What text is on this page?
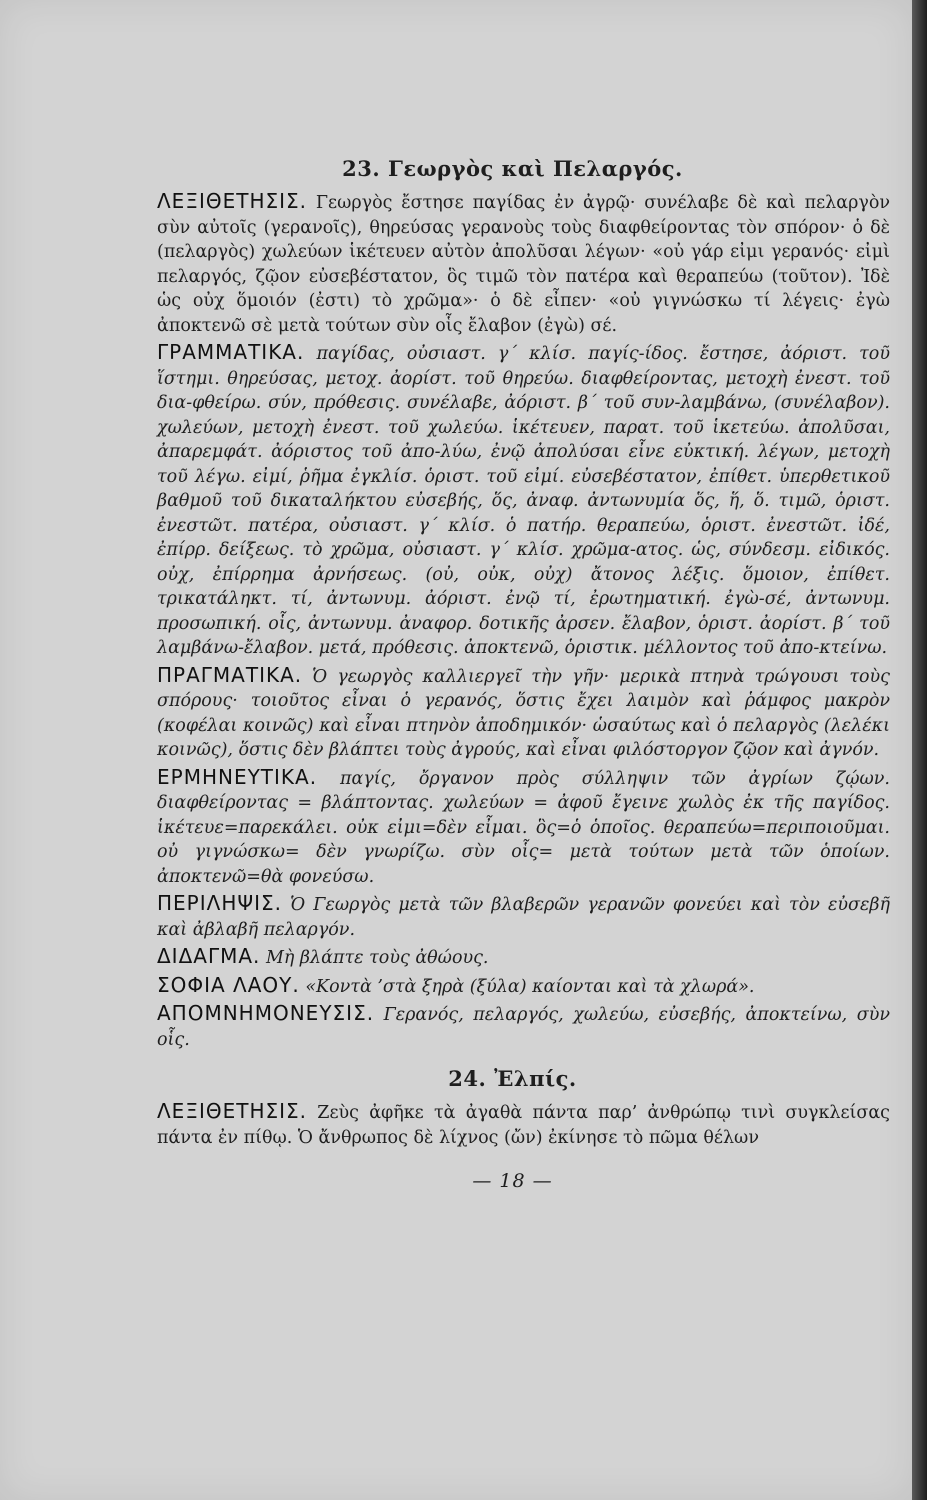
23. Γεωργὸς καὶ Πελαργός.

ΛΕΞΙΘΕΤΗΣΙΣ. Γεωργὸς ἔστησε παγίδας ἐν ἀγρῷ· συνέλαβε δὲ καὶ πελαργὸν σὺν αὐτοῖς (γερανοῖς), θηρεύσας γερανοὺς τοὺς διαφθείροντας τὸν σπόρον· ὁ δὲ (πελαργὸς) χωλεύων ἱκέτευεν αὐτὸν ἀπολῦσαι λέγων· «οὐ γάρ εἰμι γερανός· εἰμὶ πελαργός, ζῷον εὐσεβέστατον, ὃς τιμῶ τὸν πατέρα καὶ θεραπεύω (τοῦτον). Ἰδὲ ὡς οὐχ ὅμοιόν (ἐστι) τὸ χρῶμα»· ὁ δὲ εἶπεν· «οὐ γιγνώσκω τί λέγεις· ἐγὼ ἀποκτενῶ σὲ μετὰ τούτων σὺν οἷς ἔλαβον (ἐγὼ) σέ.

ΓΡΑΜΜΑΤΙΚΑ. παγίδας, οὐσιαστ. γ΄ κλίσ. παγίς-ίδος. ἔστησε, ἀόριστ. τοῦ ἵστημι. θηρεύσας, μετοχ. ἀορίστ. τοῦ θηρεύω. διαφθείροντας, μετοχὴ ἐνεστ. τοῦ δια-φθείρω. σύν, πρόθεσις. συνέλαβε, ἀόριστ. β΄ τοῦ συν-λαμβάνω, (συνέλαβον). χωλεύων, μετοχὴ ἐνεστ. τοῦ χωλεύω. ἱκέτευεν, παρατ. τοῦ ἱκετεύω. ἀπολῦσαι, ἀπαρεμφάτ. ἀόριστος τοῦ ἀπο-λύω, ἐνῷ ἀπολύσαι εἶνε εὐκτική. λέγων, μετοχὴ τοῦ λέγω. εἰμί, ῥῆμα ἐγκλίσ. ὁριστ. τοῦ εἰμί. εὐσεβέστατον, ἐπίθετ. ὑπερθετικοῦ βαθμοῦ τοῦ δικαταλήκτου εὐσεβής, ὅς, ἀναφ. ἀντωνυμία ὅς, ἥ, ὅ. τιμῶ, ὁριστ. ἐνεστῶτ. πατέρα, οὐσιαστ. γ΄ κλίσ. ὁ πατήρ. θεραπεύω, ὁριστ. ἐνεστῶτ. ἰδέ, ἐπίρρ. δείξεως. τὸ χρῶμα, οὐσιαστ. γ΄ κλίσ. χρῶμα-ατος. ὡς, σύνδεσμ. εἰδικός. οὐχ, ἐπίρρημα ἀρνήσεως. (οὐ, οὐκ, οὐχ) ἄτονος λέξις. ὅμοιον, ἐπίθετ. τρικατάληκτ. τί, ἀντωνυμ. ἀόριστ. ἐνῷ τί, ἐρωτηματική. ἐγὼ-σέ, ἀντωνυμ. προσωπική. οἷς, ἀντωνυμ. ἀναφορ. δοτικῆς ἀρσεν. ἔλαβον, ὁριστ. ἀορίστ. β΄ τοῦ λαμβάνω-ἔλαβον. μετά, πρόθεσις. ἀποκτενῶ, ὁριστικ. μέλλοντος τοῦ ἀπο-κτείνω.

ΠΡΑΓΜΑΤΙΚΑ. Ὁ γεωργὸς καλλιεργεῖ τὴν γῆν· μερικὰ πτηνὰ τρώγουσι τοὺς σπόρους· τοιοῦτος εἶναι ὁ γερανός, ὅστις ἔχει λαιμὸν καὶ ῥάμφος μακρὸν (κοφέλαι κοινῶς) καὶ εἶναι πτηνὸν ἀποδημικόν· ὡσαύτως καὶ ὁ πελαργὸς (λελέκι κοινῶς), ὅστις δὲν βλάπτει τοὺς ἀγρούς, καὶ εἶναι φιλόστοργον ζῷον καὶ ἀγνόν.

ΕΡΜΗΝΕΥΤΙΚΑ. παγίς, ὄργανον πρὸς σύλληψιν τῶν ἀγρίων ζῴων. διαφθείροντας = βλάπτοντας. χωλεύων = ἀφοῦ ἔγεινε χωλὸς ἐκ τῆς παγίδος. ἱκέτευε=παρεκάλει. οὐκ εἰμι=δὲν εἶμαι. ὃς=ὁ ὁποῖος. θεραπεύω=περιποιοῦμαι. οὐ γιγνώσκω= δὲν γνωρίζω. σὺν οἷς= μετὰ τούτων μετὰ τῶν ὁποίων. ἀποκτενῶ=θὰ φονεύσω.

ΠΕΡΙΛΗΨΙΣ. Ὁ Γεωργὸς μετὰ τῶν βλαβερῶν γερανῶν φονεύει καὶ τὸν εὐσεβῆ καὶ ἀβλαβῆ πελαργόν.

ΔΙΔΑΓΜΑ. Μὴ βλάπτε τοὺς ἀθώους.

ΣΟΦΙΑ ΛΑΟΥ. «Κοντὰ ’στὰ ξηρὰ (ξύλα) καίονται καὶ τὰ χλωρά».

ΑΠΟΜΝΗΜΟΝΕΥΣΙΣ. Γερανός, πελαργός, χωλεύω, εὐσεβής, ἀποκτείνω, σὺν οἷς.

24. Ἐλπίς.

ΛΕΞΙΘΕΤΗΣΙΣ. Ζεὺς ἀφῆκε τὰ ἀγαθὰ πάντα παρ’ ἀνθρώπῳ τινὶ συγκλείσας πάντα ἐν πίθῳ. Ὁ ἄνθρωπος δὲ λίχνος (ὤν) ἐκίνησε τὸ πῶμα θέλων

— 18 —
